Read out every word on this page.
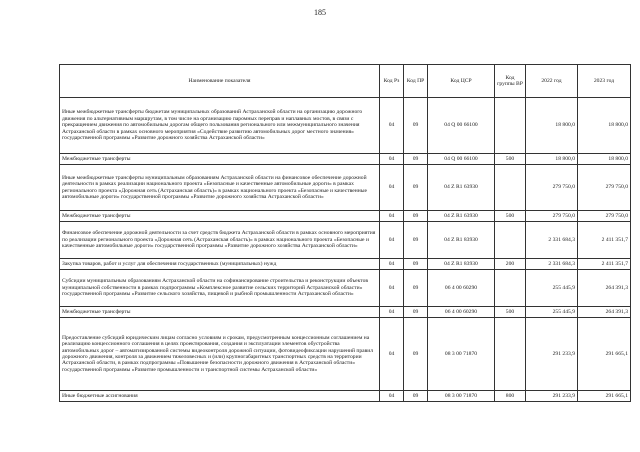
185
Наименование показателя	Код Рз	Код ПР	Код ЦСР	Код группы ВР	2022 год	2023 год
Иные межбюджетные трансферты бюджетам муниципальных образований Астраханской области на организацию дорожного движения по альтернативным маршрутам, в том числе на организацию паромных переправ и наплавных мостов, в связи с прекращением движения по автомобильным дорогам общего пользования регионального или межмуниципального значения Астраханской области в рамках основного мероприятия «Содействие развитию автомобильных дорог местного значения» государственной программы «Развитие дорожного хозяйства Астраханской области»	04	09	04 Q 00 66100		18 800,0	18 800,0
Межбюджетные трансферты	04	09	04 Q 00 66100	500	18 800,0	18 800,0
Иные межбюджетные трансферты муниципальным образованиям Астраханской области на финансовое обеспечение дорожной деятельности в рамках реализации национального проекта «Безопасные и качественные автомобильные дороги» в рамках регионального проекта «Дорожная сеть (Астраханская область)» в рамках национального проекта «Безопасные и качественные автомобильные дороги» государственной программы «Развитие дорожного хозяйства Астраханской области»	04	09	04 Z R1 63930		279 750,0	279 750,0
Межбюджетные трансферты	04	09	04 Z R1 63930	500	279 750,0	279 750,0
Финансовое обеспечение дорожной деятельности за счет средств бюджета Астраханской области в рамках основного мероприятия по реализации регионального проекта «Дорожная сеть (Астраханская область)» в рамках национального проекта «Безопасные и качественные автомобильные дороги» государственной программы «Развитие дорожного хозяйства Астраханской области»	04	09	04 Z R1 83930		2 331 684,3	2 411 351,7
Закупка товаров, работ и услуг для обеспечения государственных (муниципальных) нужд	04	09	04 Z R1 83930	200	2 331 684,3	2 411 351,7
Субсидии муниципальным образованиям Астраханской области на софинансирование строительства и реконструкции объектов муниципальной собственности в рамках подпрограммы «Комплексное развитие сельских территорий Астраханской области» государственной программы «Развитие сельского хозяйства, пищевой и рыбной промышленности Астраханской области»	04	09	06 4 00 60290		255 445,9	264 391,3
Межбюджетные трансферты	04	09	06 4 00 60290	500	255 445,9	264 391,3
Предоставление субсидий юридическим лицам согласно условиям и срокам, предусмотренным концессионным соглашением на реализацию концессионного соглашения в целях проектирования, создания и эксплуатации элементов обустройства автомобильных дорог – автоматизированной системы видеоконтроля дорожной ситуации, фотовидеофиксации нарушений правил дорожного движения, контроля за движением тяжеловесных и (или) крупногабаритных транспортных средств на территории Астраханской области, в рамках подпрограммы «Повышение безопасности дорожного движения в Астраханской области» государственной программы «Развитие промышленности и транспортной системы Астраханской области»	04	09	08 3 00 71870		291 233,9	291 665,1
Иные бюджетные ассигнования	04	09	08 3 00 71870	800	291 233,9	291 665,1
